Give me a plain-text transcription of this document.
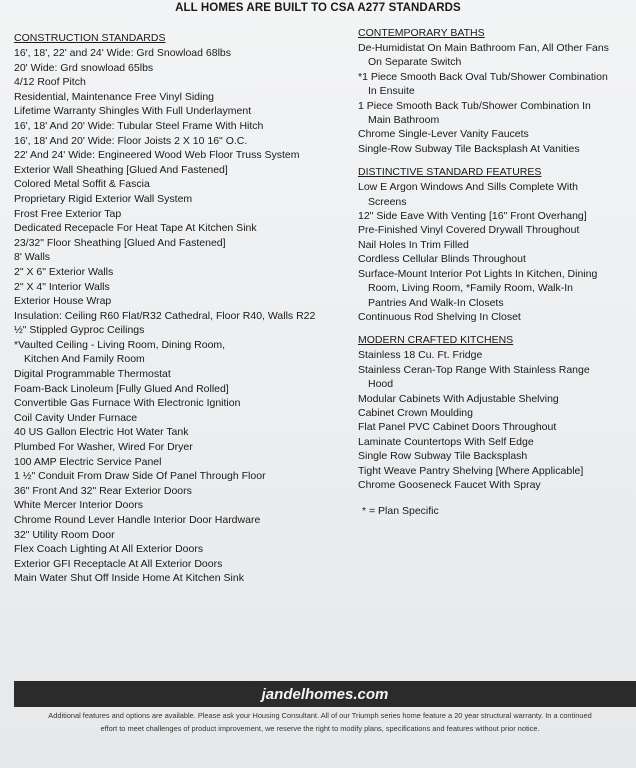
ALL HOMES ARE BUILT TO CSA A277 STANDARDS
CONSTRUCTION STANDARDS
16', 18', 22' and 24' Wide: Grd Snowload 68lbs
20' Wide: Grd snowload 65lbs
4/12 Roof Pitch
Residential, Maintenance Free Vinyl Siding
Lifetime Warranty Shingles With Full Underlayment
16', 18' And 20' Wide: Tubular Steel Frame With Hitch
16', 18' And 20' Wide: Floor Joists 2 X 10 16" O.C.
22' And 24' Wide: Engineered Wood Web Floor Truss System
Exterior Wall Sheathing [Glued And Fastened]
Colored Metal Soffit & Fascia
Proprietary Rigid Exterior Wall System
Frost Free Exterior Tap
Dedicated Recepacle For Heat Tape At Kitchen Sink
23/32" Floor Sheathing [Glued And Fastened]
8' Walls
2" X 6" Exterior Walls
2" X 4" Interior Walls
Exterior House Wrap
Insulation: Ceiling R60 Flat/R32 Cathedral, Floor R40, Walls R22
½" Stippled Gyproc Ceilings
*Vaulted Ceiling - Living Room, Dining Room,
Kitchen And Family Room
Digital Programmable Thermostat
Foam-Back Linoleum [Fully Glued And Rolled]
Convertible Gas Furnace With Electronic Ignition
Coil Cavity Under Furnace
40 US Gallon Electric Hot Water Tank
Plumbed For Washer, Wired For Dryer
100 AMP Electric Service Panel
1 ½" Conduit From Draw Side Of Panel Through Floor
36" Front And 32" Rear Exterior Doors
White Mercer Interior Doors
Chrome Round Lever Handle Interior Door Hardware
32" Utility Room Door
Flex Coach Lighting At All Exterior Doors
Exterior GFI Receptacle At All Exterior Doors
Main Water Shut Off Inside Home At Kitchen Sink
CONTEMPORARY BATHS
De-Humidistat On Main Bathroom Fan, All Other Fans
On Separate Switch
*1 Piece Smooth Back Oval Tub/Shower Combination
In Ensuite
1 Piece Smooth Back Tub/Shower Combination In
Main Bathroom
Chrome Single-Lever Vanity Faucets
Single-Row Subway Tile Backsplash At Vanities
DISTINCTIVE STANDARD FEATURES
Low E Argon Windows And Sills Complete With
Screens
12" Side Eave With Venting [16" Front Overhang]
Pre-Finished Vinyl Covered Drywall Throughout
Nail Holes In Trim Filled
Cordless Cellular Blinds Throughout
Surface-Mount Interior Pot Lights In Kitchen, Dining
Room, Living Room, *Family Room, Walk-In
Pantries And Walk-In Closets
Continuous Rod Shelving In Closet
MODERN CRAFTED KITCHENS
Stainless 18 Cu. Ft. Fridge
Stainless Ceran-Top Range With Stainless Range
Hood
Modular Cabinets With Adjustable Shelving
Cabinet Crown Moulding
Flat Panel PVC Cabinet Doors Throughout
Laminate Countertops With Self Edge
Single Row Subway Tile Backsplash
Tight Weave Pantry Shelving [Where Applicable]
Chrome Gooseneck Faucet With Spray
* = Plan Specific
jandelhomes.com
Additional features and options are available. Please ask your Housing Consultant. All of our Triumph series home feature a 20 year structural warranty. In a continued effort to meet challenges of product improvement, we reserve the right to modify plans, specifications and features without prior notice.
